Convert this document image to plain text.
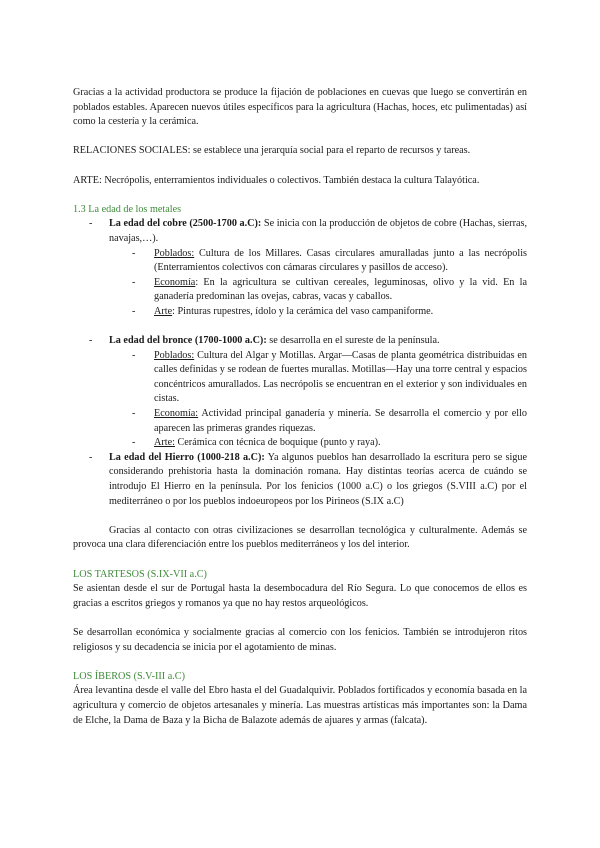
Gracias a la actividad productora se produce la fijación de poblaciones en cuevas que luego se convertirán en poblados estables. Aparecen nuevos útiles específicos para la agricultura (Hachas, hoces, etc pulimentadas) así como la cestería y la cerámica.

RELACIONES SOCIALES: se establece una jerarquía social para el reparto de recursos y tareas.

ARTE: Necrópolis, enterramientos individuales o colectivos. También destaca la cultura Talayótica.

1.3 La edad de los metales

- La edad del cobre (2500-1700 a.C): Se inicia con la producción de objetos de cobre (Hachas, sierras, navajas,…).
- Poblados: Cultura de los Millares. Casas circulares amuralladas junto a las necrópolis (Enterramientos colectivos con cámaras circulares y pasillos de acceso).
- Economía: En la agricultura se cultivan cereales, leguminosas, olivo y la vid. En la ganadería predominan las ovejas, cabras, vacas y caballos.
- Arte: Pinturas rupestres, ídolo y la cerámica del vaso campaniforme.
- La edad del bronce (1700-1000 a.C): se desarrolla en el sureste de la península.
- Poblados: Cultura del Algar y Motillas. Argar—Casas de planta geométrica distribuidas en calles definidas y se rodean de fuertes murallas. Motillas—Hay una torre central y espacios concéntricos amurallados. Las necrópolis se encuentran en el exterior y son individuales en cistas.
- Economía: Actividad principal ganadería y minería. Se desarrolla el comercio y por ello aparecen las primeras grandes riquezas.
- Arte: Cerámica con técnica de boquique (punto y raya).
- La edad del Hierro (1000-218 a.C): Ya algunos pueblos han desarrollado la escritura pero se sigue considerando prehistoria hasta la dominación romana. Hay distintas teorías acerca de cuándo se introdujo El Hierro en la península. Por los fenicios (1000 a.C) o los griegos (S.VIII a.C) por el mediterráneo o por los pueblos indoeuropeos por los Pirineos (S.IX a.C)

Gracias al contacto con otras civilizaciones se desarrollan tecnológica y culturalmente. Además se provoca una clara diferenciación entre los pueblos mediterráneos y los del interior.

LOS TARTESOS (S.IX-VII a.C)

Se asientan desde el sur de Portugal hasta la desembocadura del Río Segura. Lo que conocemos de ellos es gracias a escritos griegos y romanos ya que no hay restos arqueológicos.

Se desarrollan económica y socialmente gracias al comercio con los fenicios. También se introdujeron ritos religiosos y su decadencia se inicia por el agotamiento de minas.

LOS ÍBEROS (S.V-III a.C)

Área levantina desde el valle del Ebro hasta el del Guadalquivir. Poblados fortificados y economía basada en la agricultura y comercio de objetos artesanales y minería. Las muestras artísticas más importantes son: la Dama de Elche, la Dama de Baza y la Bicha de Balazote además de ajuares y armas (falcata).
